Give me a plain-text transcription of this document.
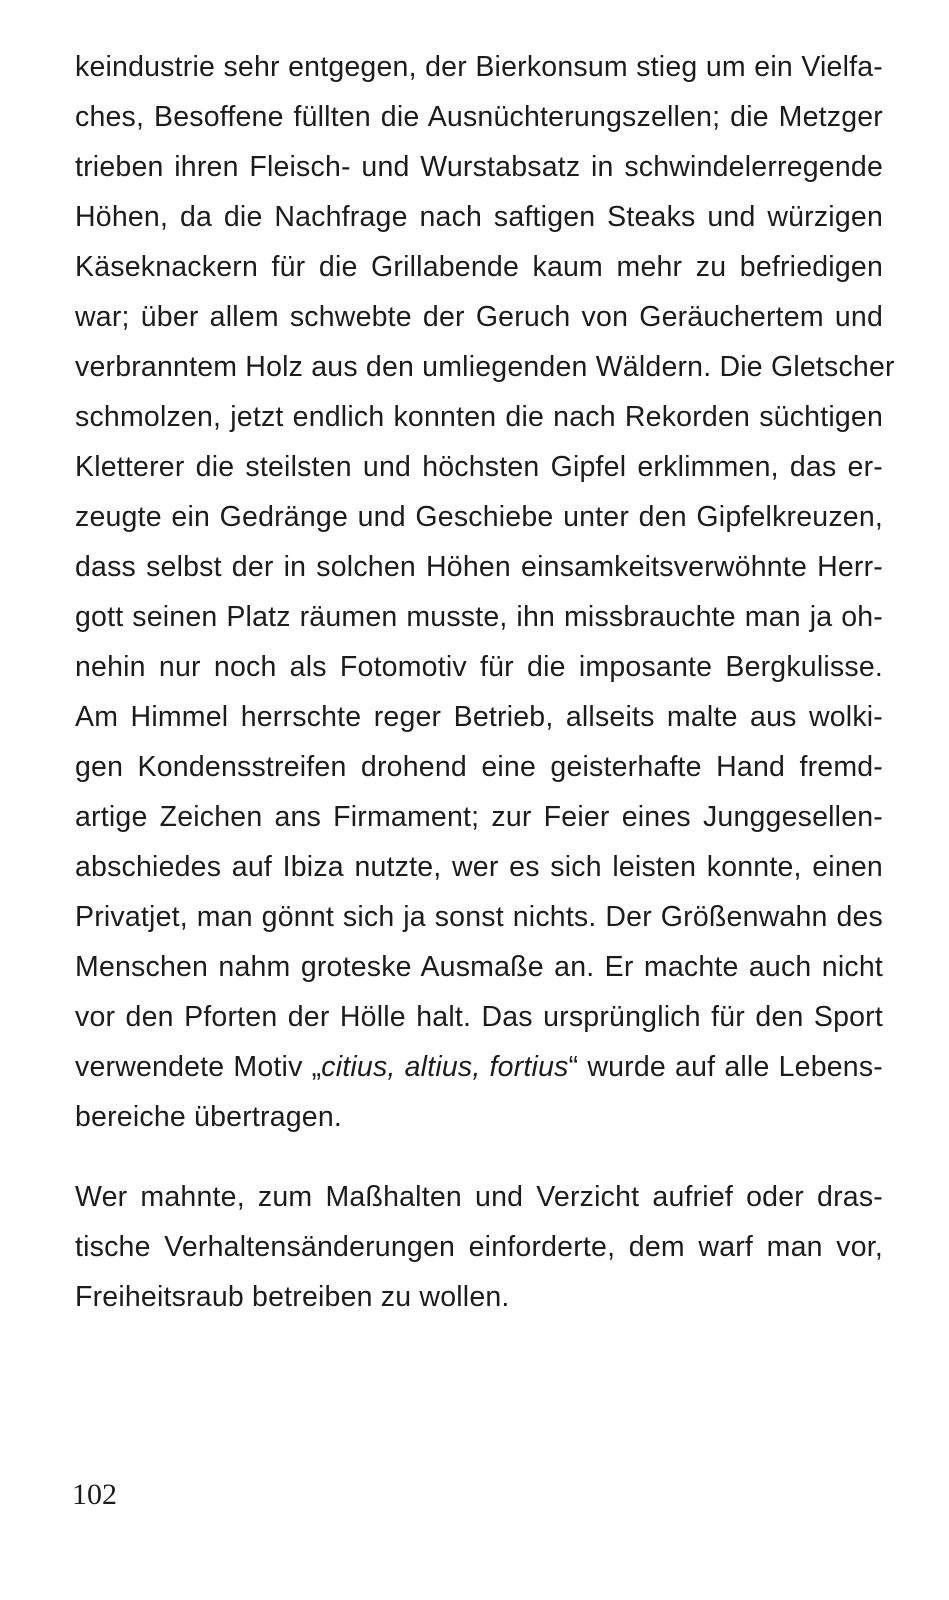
keindustrie sehr entgegen, der Bierkonsum stieg um ein Vielfa-
ches, Besoffene füllten die Ausnüchterungszellen; die Metzger
trieben ihren Fleisch- und Wurstabsatz in schwindelerregende
Höhen, da die Nachfrage nach saftigen Steaks und würzigen
Käseknackern für die Grillabende kaum mehr zu befriedigen
war; über allem schwebte der Geruch von Geräuchertem und
verbranntem Holz aus den umliegenden Wäldern. Die Gletscher
schmolzen, jetzt endlich konnten die nach Rekorden süchtigen
Kletterer die steilsten und höchsten Gipfel erklimmen, das er-
zeugte ein Gedränge und Geschiebe unter den Gipfelkreuzen,
dass selbst der in solchen Höhen einsamkeitsverwöhnte Herr-
gott seinen Platz räumen musste, ihn missbrauchte man ja oh-
nehin nur noch als Fotomotiv für die imposante Bergkulisse.
Am Himmel herrschte reger Betrieb, allseits malte aus wolki-
gen Kondensstreifen drohend eine geisterhafte Hand fremd-
artige Zeichen ans Firmament; zur Feier eines Junggesellen-
abschiedes auf Ibiza nutzte, wer es sich leisten konnte, einen
Privatjet, man gönnt sich ja sonst nichts. Der Größenwahn des
Menschen nahm groteske Ausmaße an. Er machte auch nicht
vor den Pforten der Hölle halt. Das ursprünglich für den Sport
verwendete Motiv „citius, altius, fortius“ wurde auf alle Lebens-
bereiche übertragen.
Wer mahnte, zum Maßhalten und Verzicht aufrief oder dras-
tische Verhaltensänderungen einforderte, dem warf man vor,
Freiheitsraub betreiben zu wollen.
102
